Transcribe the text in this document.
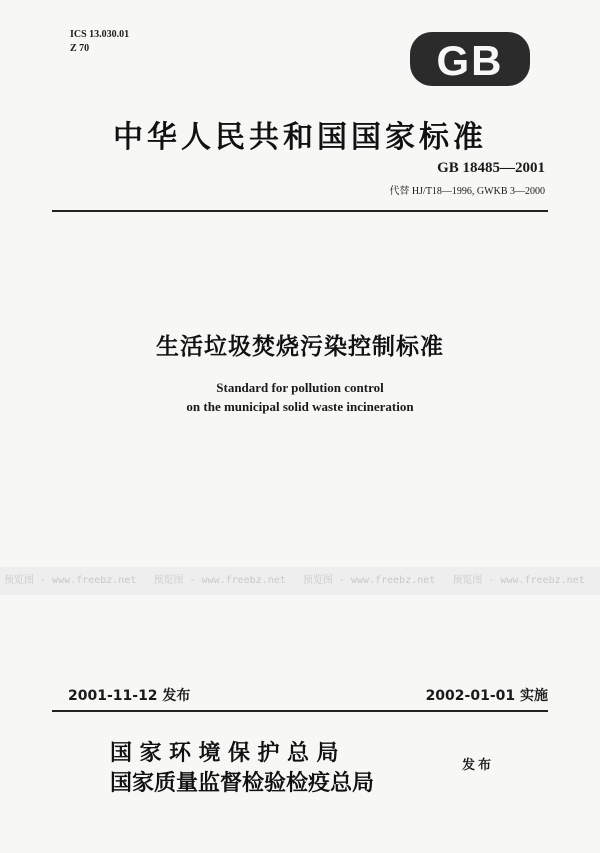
ICS 13.030.01
Z 70	GB
中华人民共和国国家标准
GB 18485—2001
代替 HJ/T18—1996, GWKB 3—2000
生活垃圾焚烧污染控制标准
Standard for pollution control
on the municipal solid waste incineration
预览图 - www.freebz.net 预览图 - www.freebz.net 预览图 - www.freebz.net 预览图 - www.freebz.net
2001-11-12 发布	2002-01-01 实施
国家环境保护总局
国家质量监督检验检疫总局
发布
